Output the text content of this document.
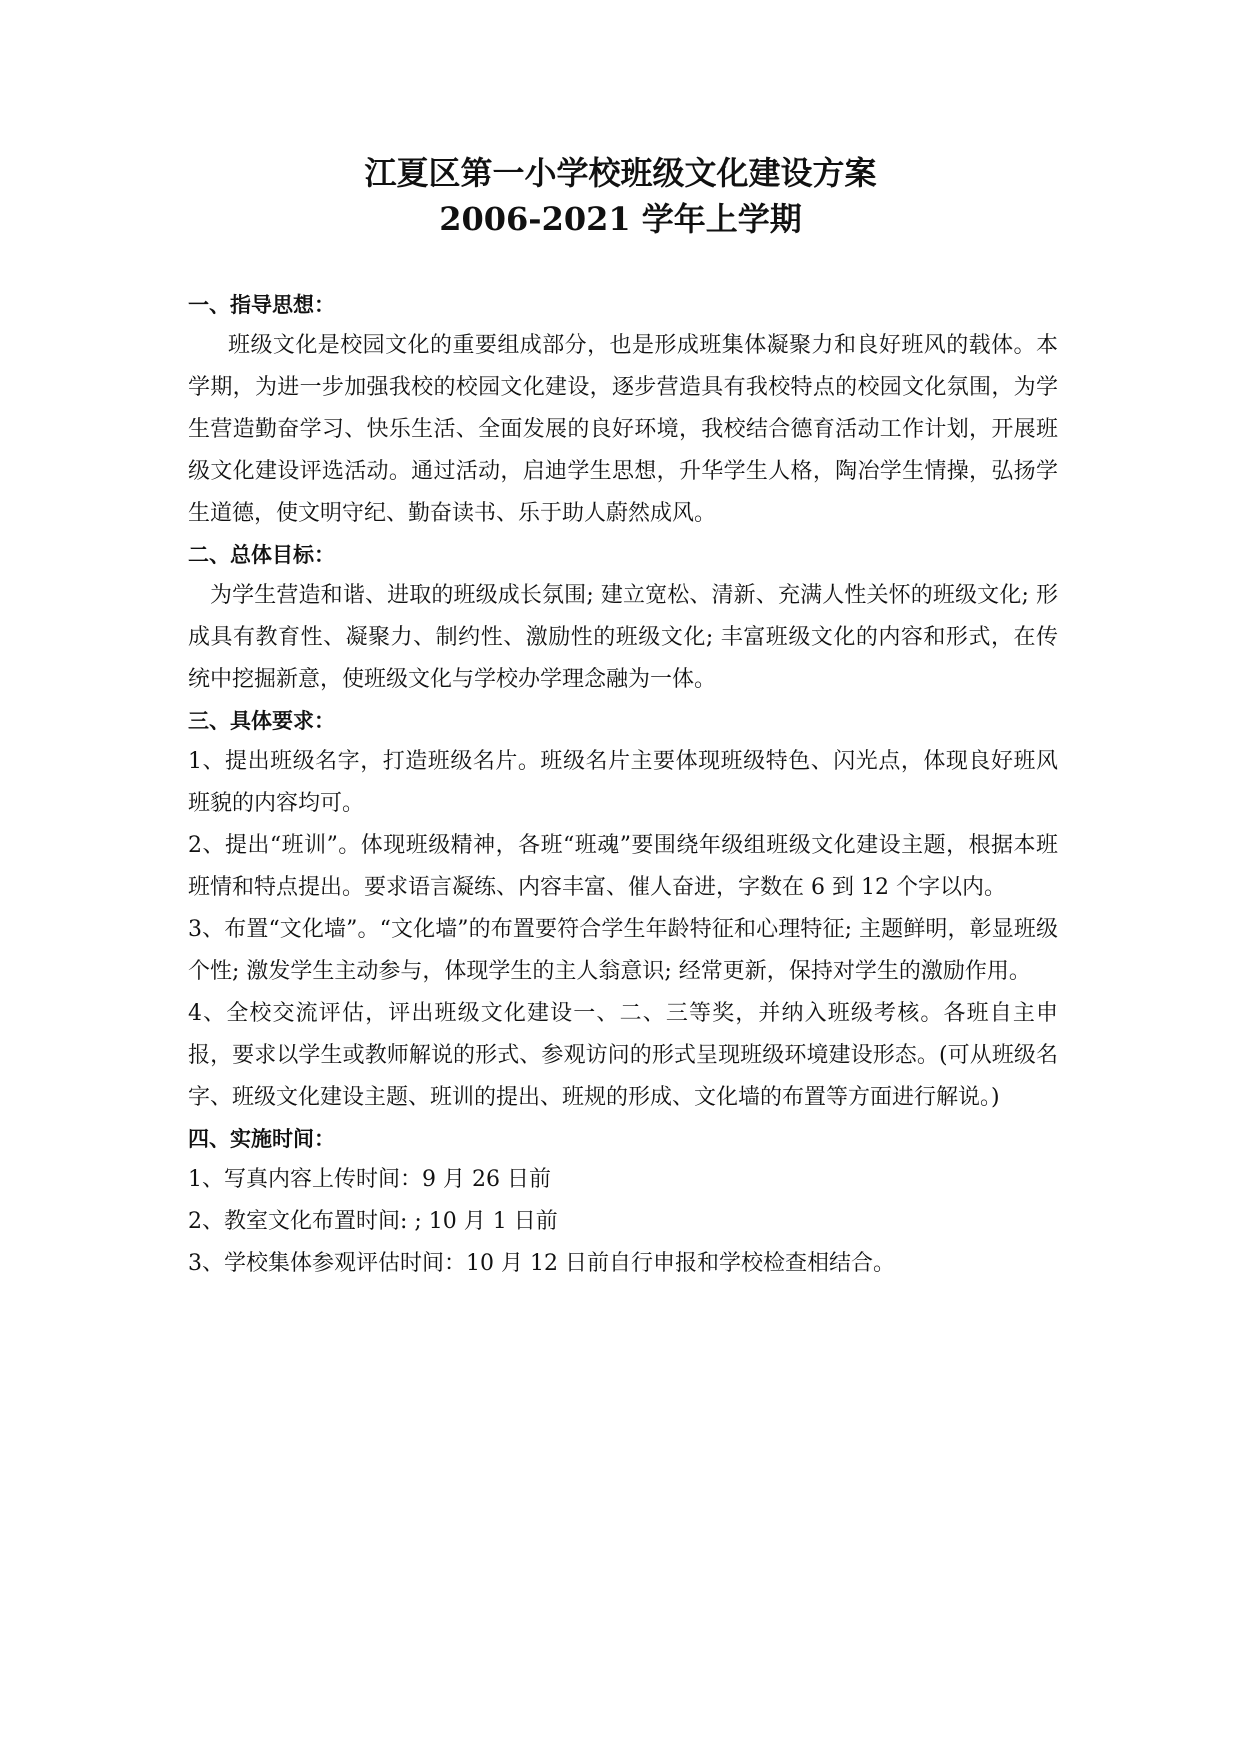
江夏区第一小学校班级文化建设方案
2006-2021 学年上学期
一、指导思想：

班级文化是校园文化的重要组成部分，也是形成班集体凝聚力和良好班风的载体。本学期，为进一步加强我校的校园文化建设，逐步营造具有我校特点的校园文化氛围，为学生营造勤奋学习、快乐生活、全面发展的良好环境，我校结合德育活动工作计划，开展班级文化建设评选活动。通过活动，启迪学生思想，升华学生人格，陶冶学生情操，弘扬学生道德，使文明守纪、勤奋读书、乐于助人蔚然成风。

二、总体目标：

为学生营造和谐、进取的班级成长氛围; 建立宽松、清新、充满人性关怀的班级文化; 形成具有教育性、凝聚力、制约性、激励性的班级文化; 丰富班级文化的内容和形式，在传统中挖掘新意，使班级文化与学校办学理念融为一体。

三、具体要求：

1、提出班级名字，打造班级名片。班级名片主要体现班级特色、闪光点，体现良好班风班貌的内容均可。

2、提出“班训”。体现班级精神，各班“班魂”要围绕年级组班级文化建设主题，根据本班班情和特点提出。要求语言凝练、内容丰富、催人奋进，字数在 6 到 12 个字以内。

3、布置“文化墙”。“文化墙”的布置要符合学生年龄特征和心理特征; 主题鲜明，彰显班级个性; 激发学生主动参与，体现学生的主人翁意识; 经常更新，保持对学生的激励作用。

4、全校交流评估，评出班级文化建设一、二、三等奖，并纳入班级考核。各班自主申报，要求以学生或教师解说的形式、参观访问的形式呈现班级环境建设形态。(可从班级名字、班级文化建设主题、班训的提出、班规的形成、文化墙的布置等方面进行解说。)

四、实施时间：

1、写真内容上传时间：9 月 26 日前

2、教室文化布置时间: ; 10 月 1 日前

3、学校集体参观评估时间：10 月 12 日前自行申报和学校检查相结合。
